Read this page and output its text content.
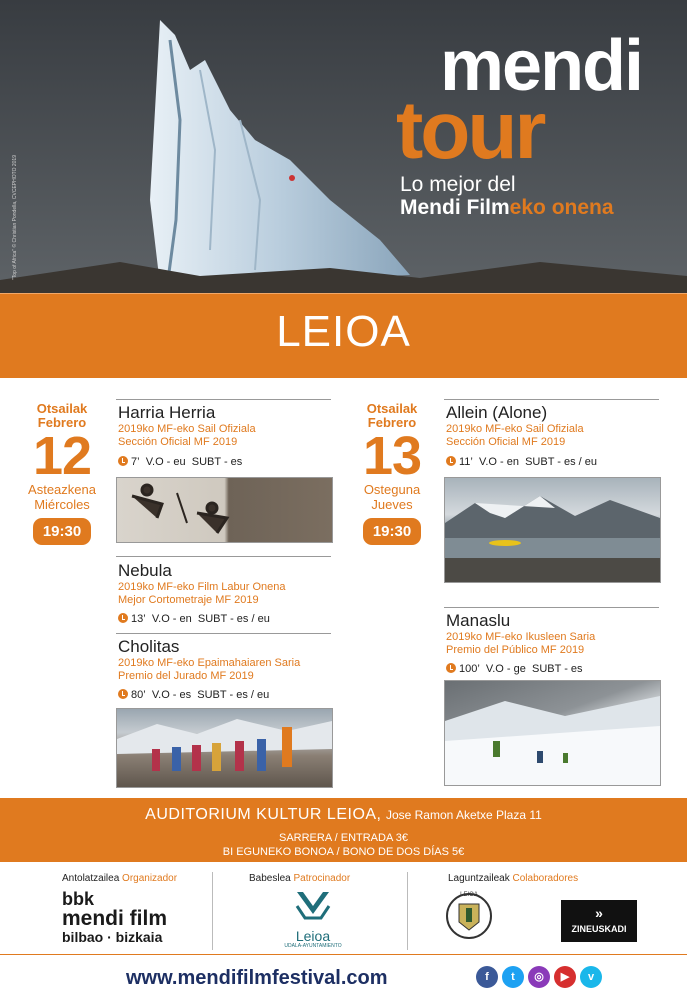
"Top of Africa" © Christian Pondella, CVCEPHOTO 2019
mendi
tour
Lo mejor del
Mendi Filmeko onena
LEIOA
Otsailak
Febrero
12
Asteazkena
Miércoles
19:30
Otsailak
Febrero
13
Osteguna
Jueves
19:30
Harria Herria
2019ko MF-eko Sail Ofiziala
Sección Oficial MF 2019
7’ V.O - eu SUBT - es
Nebula
2019ko MF-eko Film Labur Onena
Mejor Cortometraje MF 2019
13’ V.O - en SUBT - es / eu
Cholitas
2019ko MF-eko Epaimahaiaren Saria
Premio del Jurado MF 2019
80’ V.O - es SUBT - es / eu
Allein (Alone)
2019ko MF-eko Sail Ofiziala
Sección Oficial MF 2019
11’ V.O - en SUBT - es / eu
Manaslu
2019ko MF-eko Ikusleen Saria
Premio del Público MF 2019
100’ V.O - ge SUBT - es
AUDITORIUM KULTUR LEIOA, Jose Ramon Aketxe Plaza 11
SARRERA / ENTRADA 3€
BI EGUNEKO BONOA / BONO DE DOS DÍAS 5€
Antolatzailea Organizador
bbk
mendi film
bilbao · bizkaia
Babeslea Patrocinador
Leioa
UDALA-AYUNTAMIENTO
Laguntzaileak Colaboradores
LEIOA
»
ZINEUSKADI
www.mendifilmfestival.com	f	t	◎	▶	v
